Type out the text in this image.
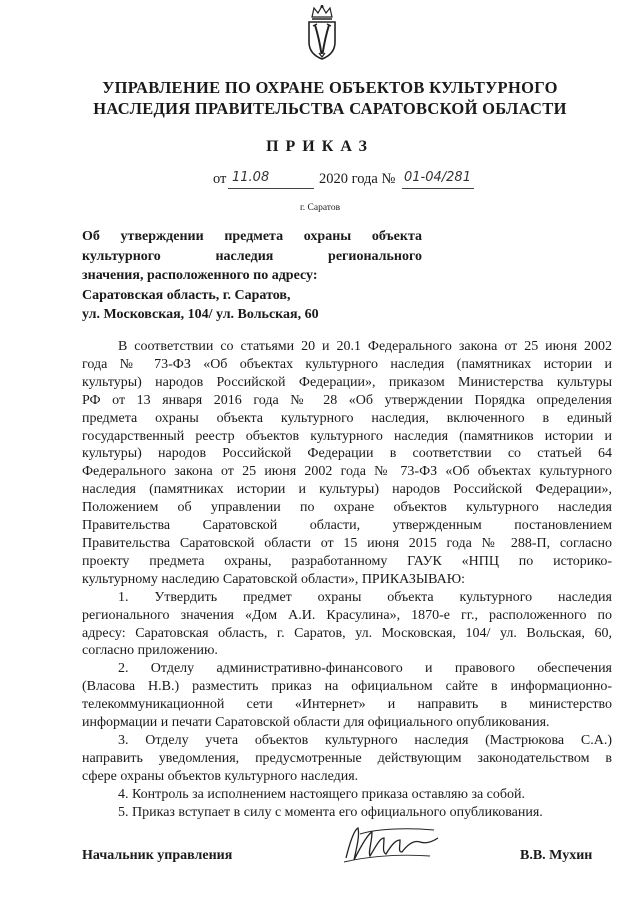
УПРАВЛЕНИЕ ПО ОХРАНЕ ОБЪЕКТОВ КУЛЬТУРНОГО
НАСЛЕДИЯ ПРАВИТЕЛЬСТВА САРАТОВСКОЙ ОБЛАСТИ
ПРИКАЗ
от 11.08	2020 года № 01-04/281
г. Саратов
Об утверждении предмета охраны объекта
культурного наследия регионального
значения, расположенного по адресу:
Саратовская область, г. Саратов,
ул. Московская, 104/ ул. Вольская, 60
В соответствии со статьями 20 и 20.1 Федерального закона от 25 июня 2002
года № 73-ФЗ «Об объектах культурного наследия (памятниках истории и
культуры) народов Российской Федерации», приказом Министерства культуры
РФ от 13 января 2016 года № 28 «Об утверждении Порядка определения
предмета охраны объекта культурного наследия, включенного в единый
государственный реестр объектов культурного наследия (памятников истории и
культуры) народов Российской Федерации в соответствии со статьей 64
Федерального закона от 25 июня 2002 года № 73-ФЗ «Об объектах культурного
наследия (памятниках истории и культуры) народов Российской Федерации»,
Положением об управлении по охране объектов культурного наследия
Правительства Саратовской области, утвержденным постановлением
Правительства Саратовской области от 15 июня 2015 года № 288-П, согласно
проекту предмета охраны, разработанному ГАУК «НПЦ по историко-
культурному наследию Саратовской области», ПРИКАЗЫВАЮ:
1. Утвердить предмет охраны объекта культурного наследия
регионального значения «Дом А.И. Красулина», 1870-е гг., расположенного по
адресу: Саратовская область, г. Саратов, ул. Московская, 104/ ул. Вольская, 60,
согласно приложению.
2. Отделу административно-финансового и правового обеспечения
(Власова Н.В.) разместить приказ на официальном сайте в информационно-
телекоммуникационной сети «Интернет» и направить в министерство
информации и печати Саратовской области для официального опубликования.
3. Отделу учета объектов культурного наследия (Мастрюкова С.А.)
направить уведомления, предусмотренные действующим законодательством в
сфере охраны объектов культурного наследия.
4. Контроль за исполнением настоящего приказа оставляю за собой.
5. Приказ вступает в силу с момента его официального опубликования.
Начальник управления	В.В. Мухин
